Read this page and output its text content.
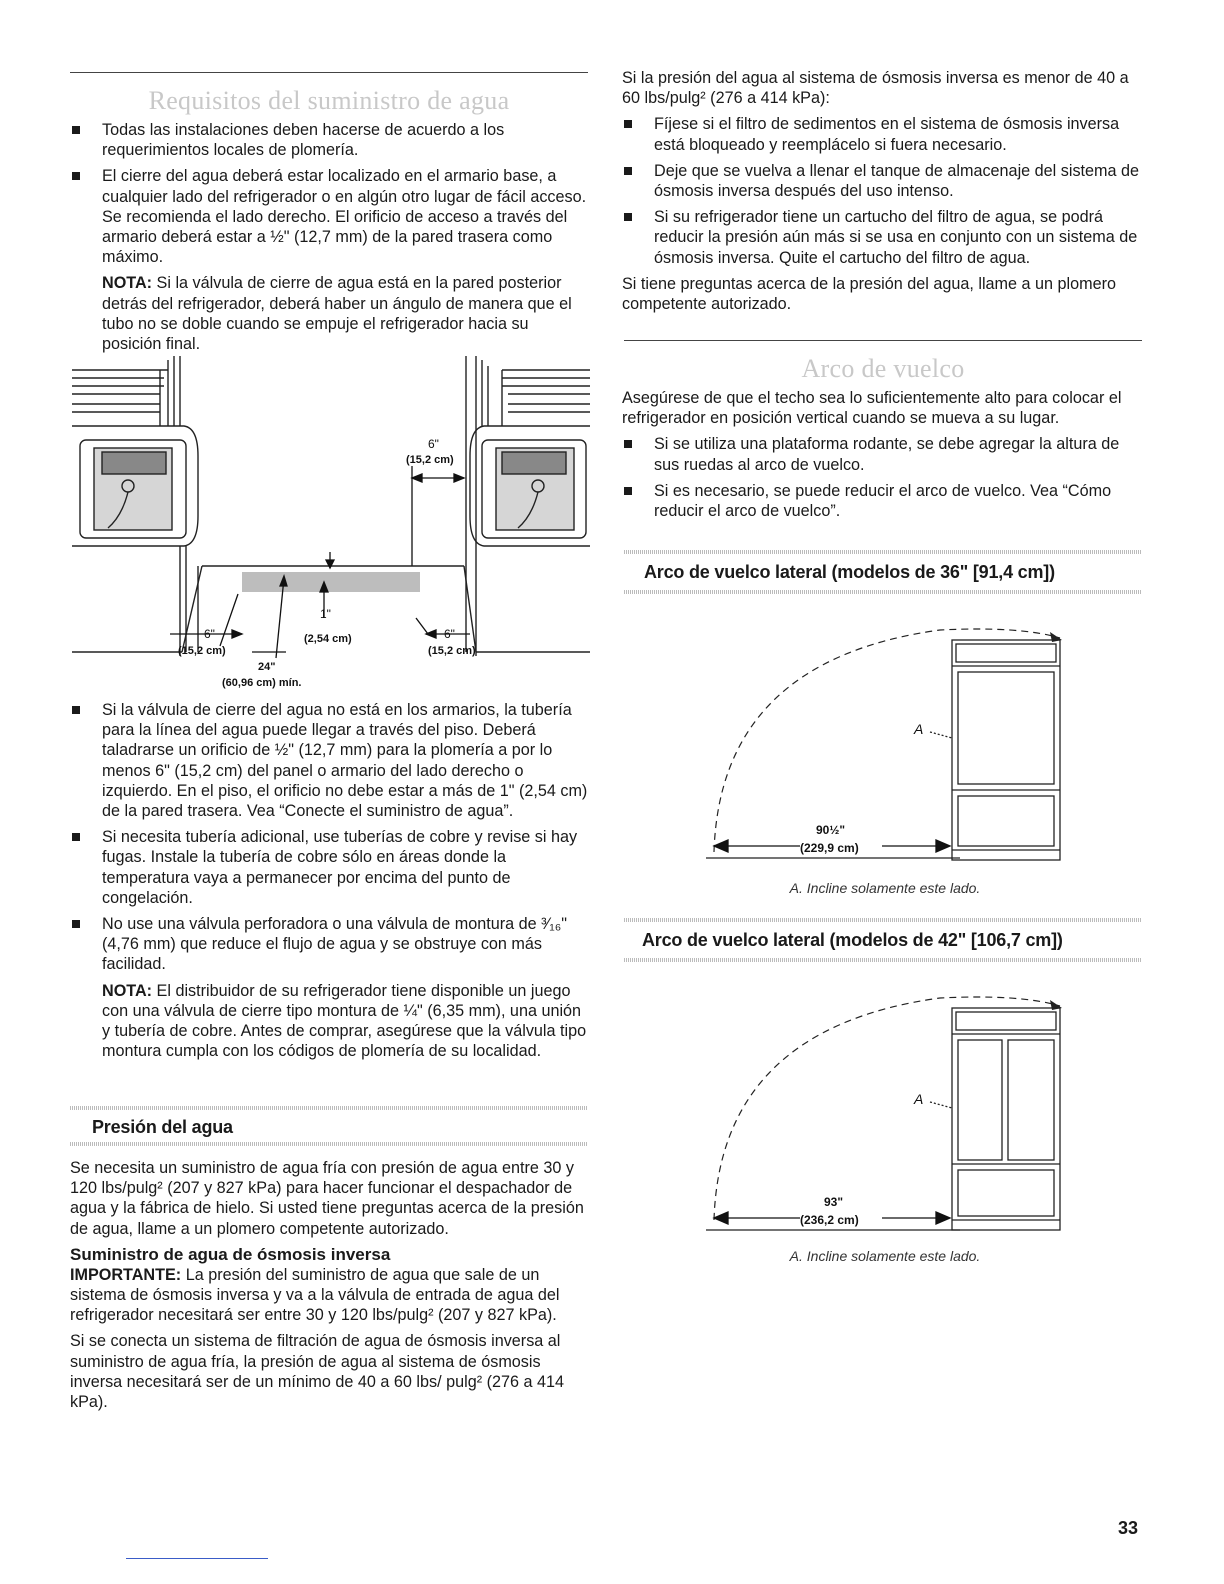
Requisitos del suministro de agua
Todas las instalaciones deben hacerse de acuerdo a los requerimientos locales de plomería.
El cierre del agua deberá estar localizado en el armario base, a cualquier lado del refrigerador o en algún otro lugar de fácil acceso. Se recomienda el lado derecho. El orificio de acceso a través del armario deberá estar a ½" (12,7 mm) de la pared trasera como máximo.

NOTA: Si la válvula de cierre de agua está en la pared posterior detrás del refrigerador, deberá haber un ángulo de manera que el tubo no se doble cuando se empuje el refrigerador hacia su posición final.

6"
(15,2 cm)
6"
(15,2 cm)
6"
(15,2 cm)
1"
(2,54 cm)
24"
(60,96 cm) mín.
Si la válvula de cierre del agua no está en los armarios, la tubería para la línea del agua puede llegar a través del piso. Deberá taladrarse un orificio de ½" (12,7 mm) para la plomería a por lo menos 6" (15,2 cm) del panel o armario del lado derecho o izquierdo. En el piso, el orificio no debe estar a más de 1" (2,54 cm) de la pared trasera. Vea “Conecte el suministro de agua”.
Si necesita tubería adicional, use tuberías de cobre y revise si hay fugas. Instale la tubería de cobre sólo en áreas donde la temperatura vaya a permanecer por encima del punto de congelación.
No use una válvula perforadora o una válvula de montura de ³⁄₁₆" (4,76 mm) que reduce el flujo de agua y se obstruye con más facilidad.

NOTA: El distribuidor de su refrigerador tiene disponible un juego con una válvula de cierre tipo montura de ¼" (6,35 mm), una unión y tubería de cobre. Antes de comprar, asegúrese que la válvula tipo montura cumpla con los códigos de plomería de su localidad.

Presión del agua

Se necesita un suministro de agua fría con presión de agua entre 30 y 120 lbs/pulg² (207 y 827 kPa) para hacer funcionar el despachador de agua y la fábrica de hielo. Si usted tiene preguntas acerca de la presión de agua, llame a un plomero competente autorizado.

Suministro de agua de ósmosis inversa

IMPORTANTE: La presión del suministro de agua que sale de un sistema de ósmosis inversa y va a la válvula de entrada de agua del refrigerador necesitará ser entre 30 y 120 lbs/pulg² (207 y 827 kPa).

Si se conecta un sistema de filtración de agua de ósmosis inversa al suministro de agua fría, la presión de agua al sistema de ósmosis inversa necesitará ser de un mínimo de 40 a 60 lbs/ pulg² (276 a 414 kPa).

Si la presión del agua al sistema de ósmosis inversa es menor de 40 a 60 lbs/pulg² (276 a 414 kPa):

Fíjese si el filtro de sedimentos en el sistema de ósmosis inversa está bloqueado y reemplácelo si fuera necesario.
Deje que se vuelva a llenar el tanque de almacenaje del sistema de ósmosis inversa después del uso intenso.
Si su refrigerador tiene un cartucho del filtro de agua, se podrá reducir la presión aún más si se usa en conjunto con un sistema de ósmosis inversa. Quite el cartucho del filtro de agua.

Si tiene preguntas acerca de la presión del agua, llame a un plomero competente autorizado.

Arco de vuelco

Asegúrese de que el techo sea lo suficientemente alto para colocar el refrigerador en posición vertical cuando se mueva a su lugar.

Si se utiliza una plataforma rodante, se debe agregar la altura de sus ruedas al arco de vuelco.
Si es necesario, se puede reducir el arco de vuelco. Vea “Cómo reducir el arco de vuelco”.
Arco de vuelco lateral (modelos de 36" [91,4 cm])
90½"
(229,9 cm)
A
A. Incline solamente este lado.
Arco de vuelco lateral (modelos de 42" [106,7 cm])
93"
(236,2 cm)
A
A. Incline solamente este lado.
33
